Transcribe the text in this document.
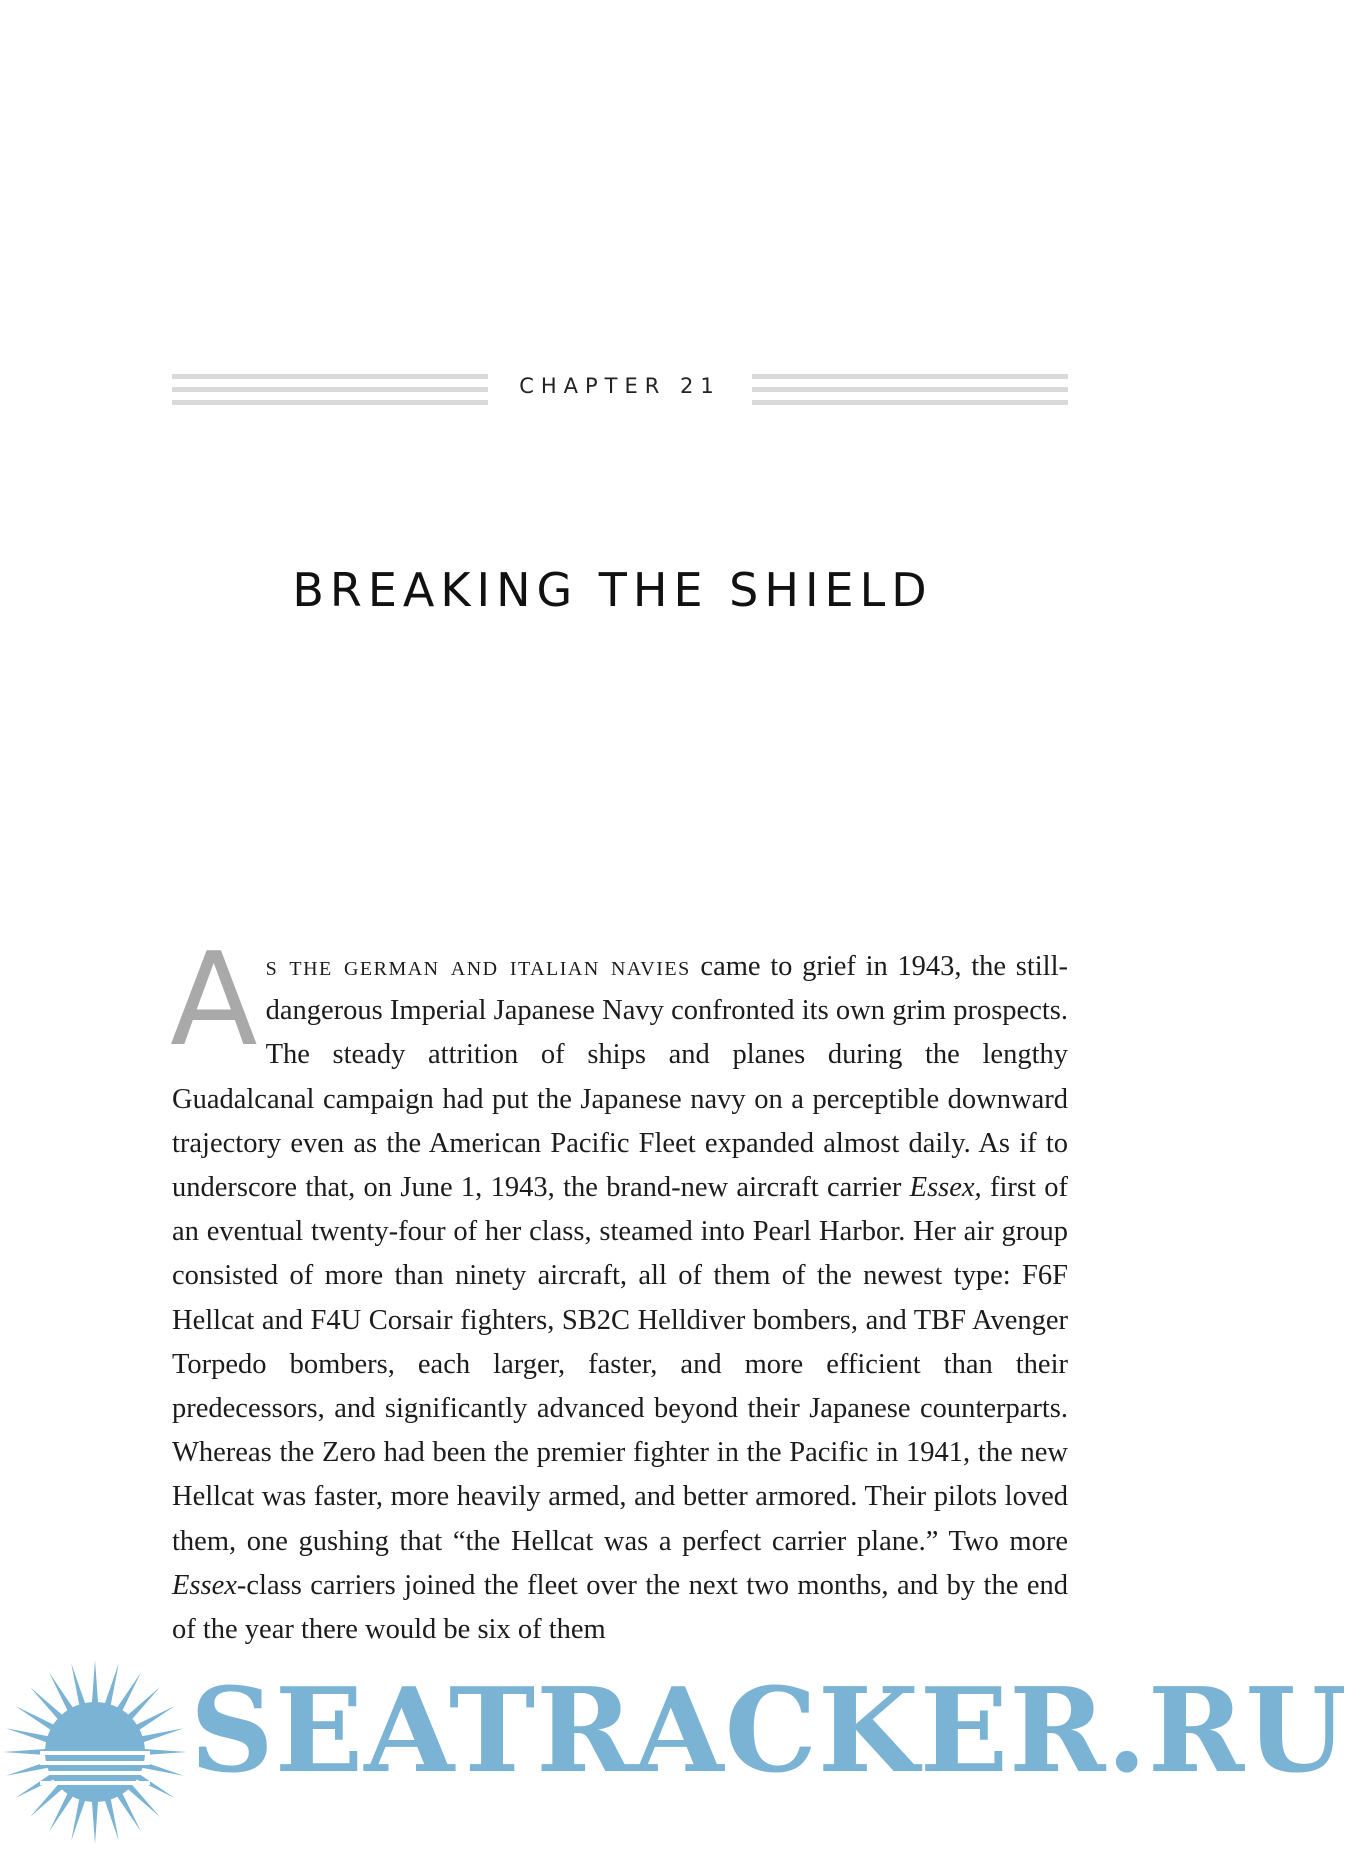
CHAPTER 21
BREAKING THE SHIELD
As the german and italian navies came to grief in 1943, the still-dangerous Imperial Japanese Navy confronted its own grim prospects. The steady attrition of ships and planes during the lengthy Guadalcanal campaign had put the Japanese navy on a perceptible downward trajectory even as the American Pacific Fleet expanded almost daily. As if to underscore that, on June 1, 1943, the brand-new aircraft carrier Essex, first of an eventual twenty-four of her class, steamed into Pearl Harbor. Her air group consisted of more than ninety aircraft, all of them of the newest type: F6F Hellcat and F4U Corsair fighters, SB2C Helldiver bombers, and TBF Avenger Torpedo bombers, each larger, faster, and more efficient than their predecessors, and significantly advanced beyond their Japanese counterparts. Whereas the Zero had been the premier fighter in the Pacific in 1941, the new Hellcat was faster, more heavily armed, and better armored. Their pilots loved them, one gushing that “the Hellcat was a perfect carrier plane.” Two more Essex-class carriers joined the fleet over the next two months, and by the end of the year there would be six of them
SEATRACKER.RU
